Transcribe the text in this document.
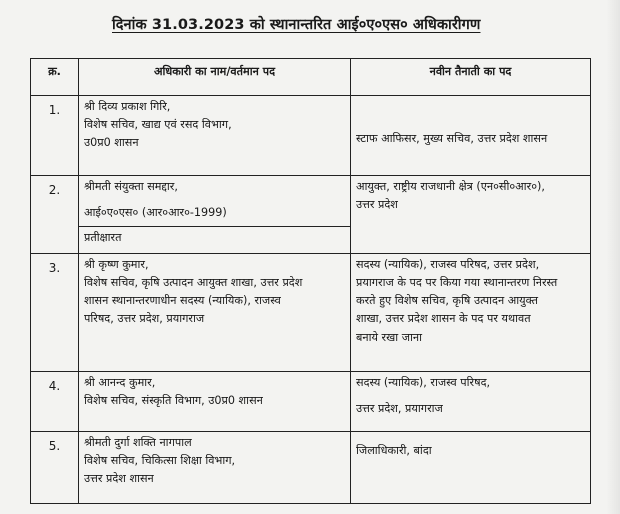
दिनांक 31.03.2023 को स्थानान्तरित आई०ए०एस० अधिकारीगण
क्र.	अधिकारी का नाम/वर्तमान पद	नवीन तैनाती का पद
1.	श्री दिव्य प्रकाश गिरि,
विशेष सचिव, खाद्य एवं रसद विभाग,
उ0प्र0 शासन	स्टाफ आफिसर, मुख्य सचिव, उत्तर प्रदेश शासन

2.	श्रीमती संयुक्ता समद्दार,
आई०ए०एस० (आर०आर०-1999)
प्रतीक्षारत	आयुक्त, राष्ट्रीय राजधानी क्षेत्र (एन०सी०आर०),
उत्तर प्रदेश

3.	श्री कृष्ण कुमार,
विशेष सचिव, कृषि उत्पादन आयुक्त शाखा, उत्तर प्रदेश
शासन स्थानान्तरणाधीन सदस्य (न्यायिक), राजस्व
परिषद, उत्तर प्रदेश, प्रयागराज	सदस्य (न्यायिक), राजस्व परिषद, उत्तर प्रदेश,
प्रयागराज के पद पर किया गया स्थानान्तरण निरस्त
करते हुए विशेष सचिव, कृषि उत्पादन आयुक्त
शाखा, उत्तर प्रदेश शासन के पद पर यथावत
बनाये रखा जाना

4.	श्री आनन्द कुमार,
विशेष सचिव, संस्कृति विभाग, उ0प्र0 शासन	सदस्य (न्यायिक), राजस्व परिषद,
उत्तर प्रदेश, प्रयागराज

5.	श्रीमती दुर्गा शक्ति नागपाल
विशेष सचिव, चिकित्सा शिक्षा विभाग,
उत्तर प्रदेश शासन	जिलाधिकारी, बांदा
